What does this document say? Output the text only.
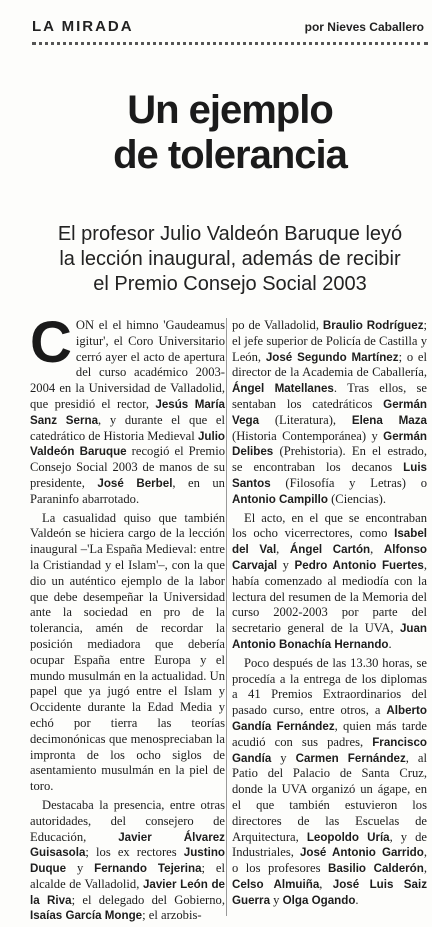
LA MIRADA	por Nieves Caballero
Un ejemplo
de tolerancia

El profesor Julio Valdeón Baruque leyó
la lección inaugural, además de recibir
el Premio Consejo Social 2003

CON el el himno 'Gaudeamus igitur', el Coro Universitario cerró ayer el acto de apertura del curso académico 2003-2004 en la Universidad de Valladolid, que presidió el rector, Jesús María Sanz Serna, y durante el que el catedrático de Historia Medieval Julio Valdeón Baruque recogió el Premio Consejo Social 2003 de manos de su presidente, José Berbel, en un Paraninfo abarrotado.

La casualidad quiso que también Valdeón se hiciera cargo de la lección inaugural –'La España Medieval: entre la Cristiandad y el Islam'–, con la que dio un auténtico ejemplo de la labor que debe desempeñar la Universidad ante la sociedad en pro de la tolerancia, amén de recordar la posición mediadora que debería ocupar España entre Europa y el mundo musulmán en la actualidad. Un papel que ya jugó entre el Islam y Occidente durante la Edad Media y echó por tierra las teorías decimonónicas que menospreciaban la impronta de los ocho siglos de asentamiento musulmán en la piel de toro.

Destacaba la presencia, entre otras autoridades, del consejero de Educación, Javier Álvarez Guisasola; los ex rectores Justino Duque y Fernando Tejerina; el alcalde de Valladolid, Javier León de la Riva; el delegado del Gobierno, Isaías García Monge; el arzobis-

po de Valladolid, Braulio Rodríguez; el jefe superior de Policía de Castilla y León, José Segundo Martínez; o el director de la Academia de Caballería, Ángel Matellanes. Tras ellos, se sentaban los catedráticos Germán Vega (Literatura), Elena Maza (Historia Contemporánea) y Germán Delibes (Prehistoria). En el estrado, se encontraban los decanos Luis Santos (Filosofía y Letras) o Antonio Campillo (Ciencias).

El acto, en el que se encontraban los ocho vicerrectores, como Isabel del Val, Ángel Cartón, Alfonso Carvajal y Pedro Antonio Fuertes, había comenzado al mediodía con la lectura del resumen de la Memoria del curso 2002-2003 por parte del secretario general de la UVA, Juan Antonio Bonachía Hernando.

Poco después de las 13.30 horas, se procedía a la entrega de los diplomas a 41 Premios Extraordinarios del pasado curso, entre otros, a Alberto Gandía Fernández, quien más tarde acudió con sus padres, Francisco Gandía y Carmen Fernández, al Patio del Palacio de Santa Cruz, donde la UVA organizó un ágape, en el que también estuvieron los directores de las Escuelas de Arquitectura, Leopoldo Uría, y de Industriales, José Antonio Garrido, o los profesores Basilio Calderón, Celso Almuiña, José Luis Saiz Guerra y Olga Ogando.
